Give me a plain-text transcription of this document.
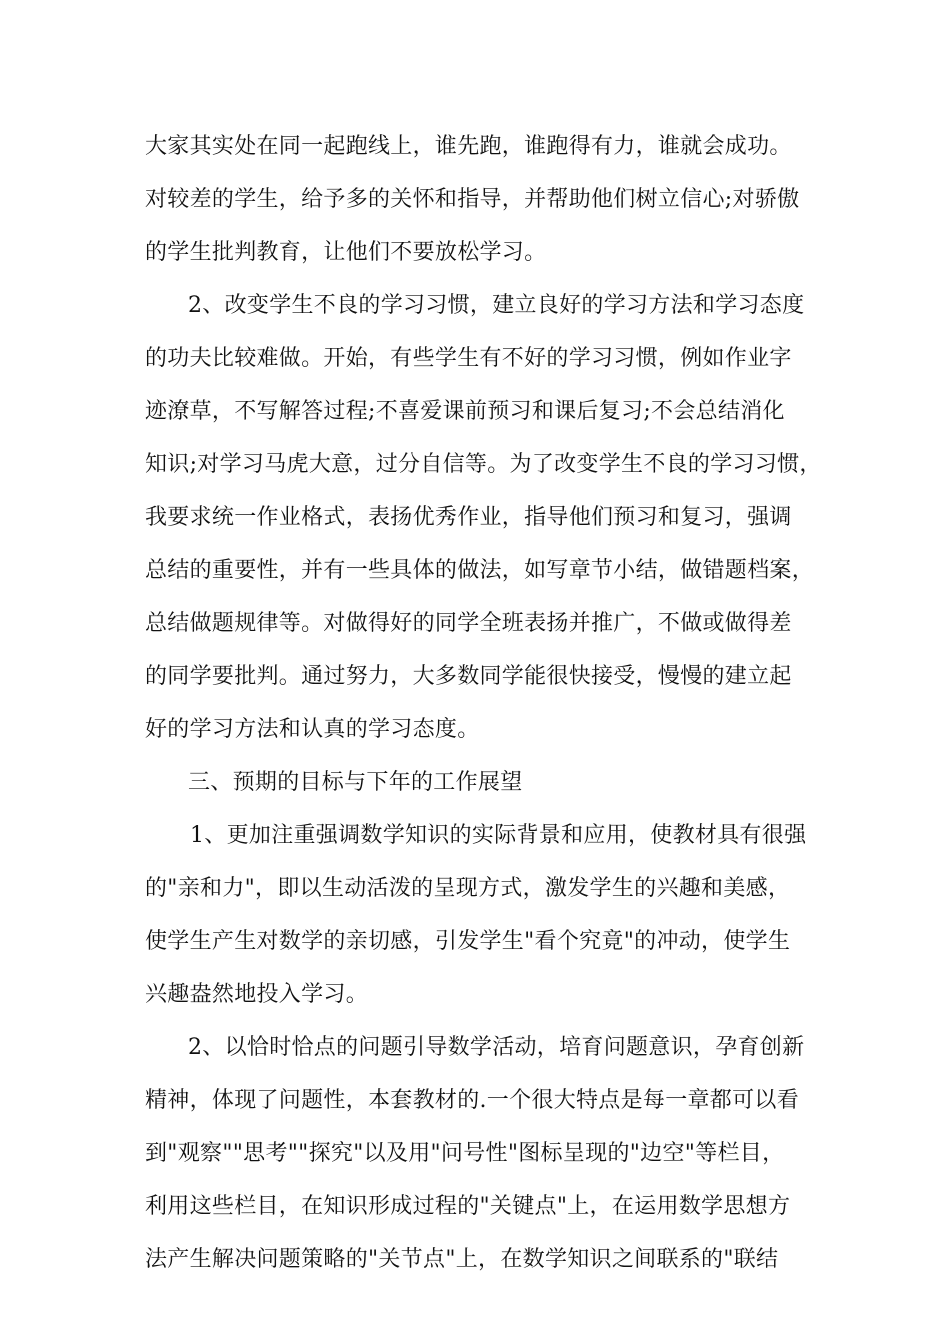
大家其实处在同一起跑线上，谁先跑，谁跑得有力，谁就会成功。

对较差的学生，给予多的关怀和指导，并帮助他们树立信心;对骄傲

的学生批判教育，让他们不要放松学习。

2、改变学生不良的学习习惯，建立良好的学习方法和学习态度

的功夫比较难做。开始，有些学生有不好的学习习惯，例如作业字

迹潦草，不写解答过程;不喜爱课前预习和课后复习;不会总结消化

知识;对学习马虎大意，过分自信等。为了改变学生不良的学习习惯，

我要求统一作业格式，表扬优秀作业，指导他们预习和复习，强调

总结的重要性，并有一些具体的做法，如写章节小结，做错题档案，

总结做题规律等。对做得好的同学全班表扬并推广，不做或做得差

的同学要批判。通过努力，大多数同学能很快接受，慢慢的建立起

好的学习方法和认真的学习态度。

三、预期的目标与下年的工作展望

1、更加注重强调数学知识的实际背景和应用，使教材具有很强

的"亲和力"，即以生动活泼的呈现方式，激发学生的兴趣和美感，

使学生产生对数学的亲切感，引发学生"看个究竟"的冲动，使学生

兴趣盎然地投入学习。

2、以恰时恰点的问题引导数学活动，培育问题意识，孕育创新

精神，体现了问题性，本套教材的.一个很大特点是每一章都可以看

到"观察""思考""探究"以及用"问号性"图标呈现的"边空"等栏目，

利用这些栏目，在知识形成过程的"关键点"上，在运用数学思想方

法产生解决问题策略的"关节点"上，在数学知识之间联系的"联结
